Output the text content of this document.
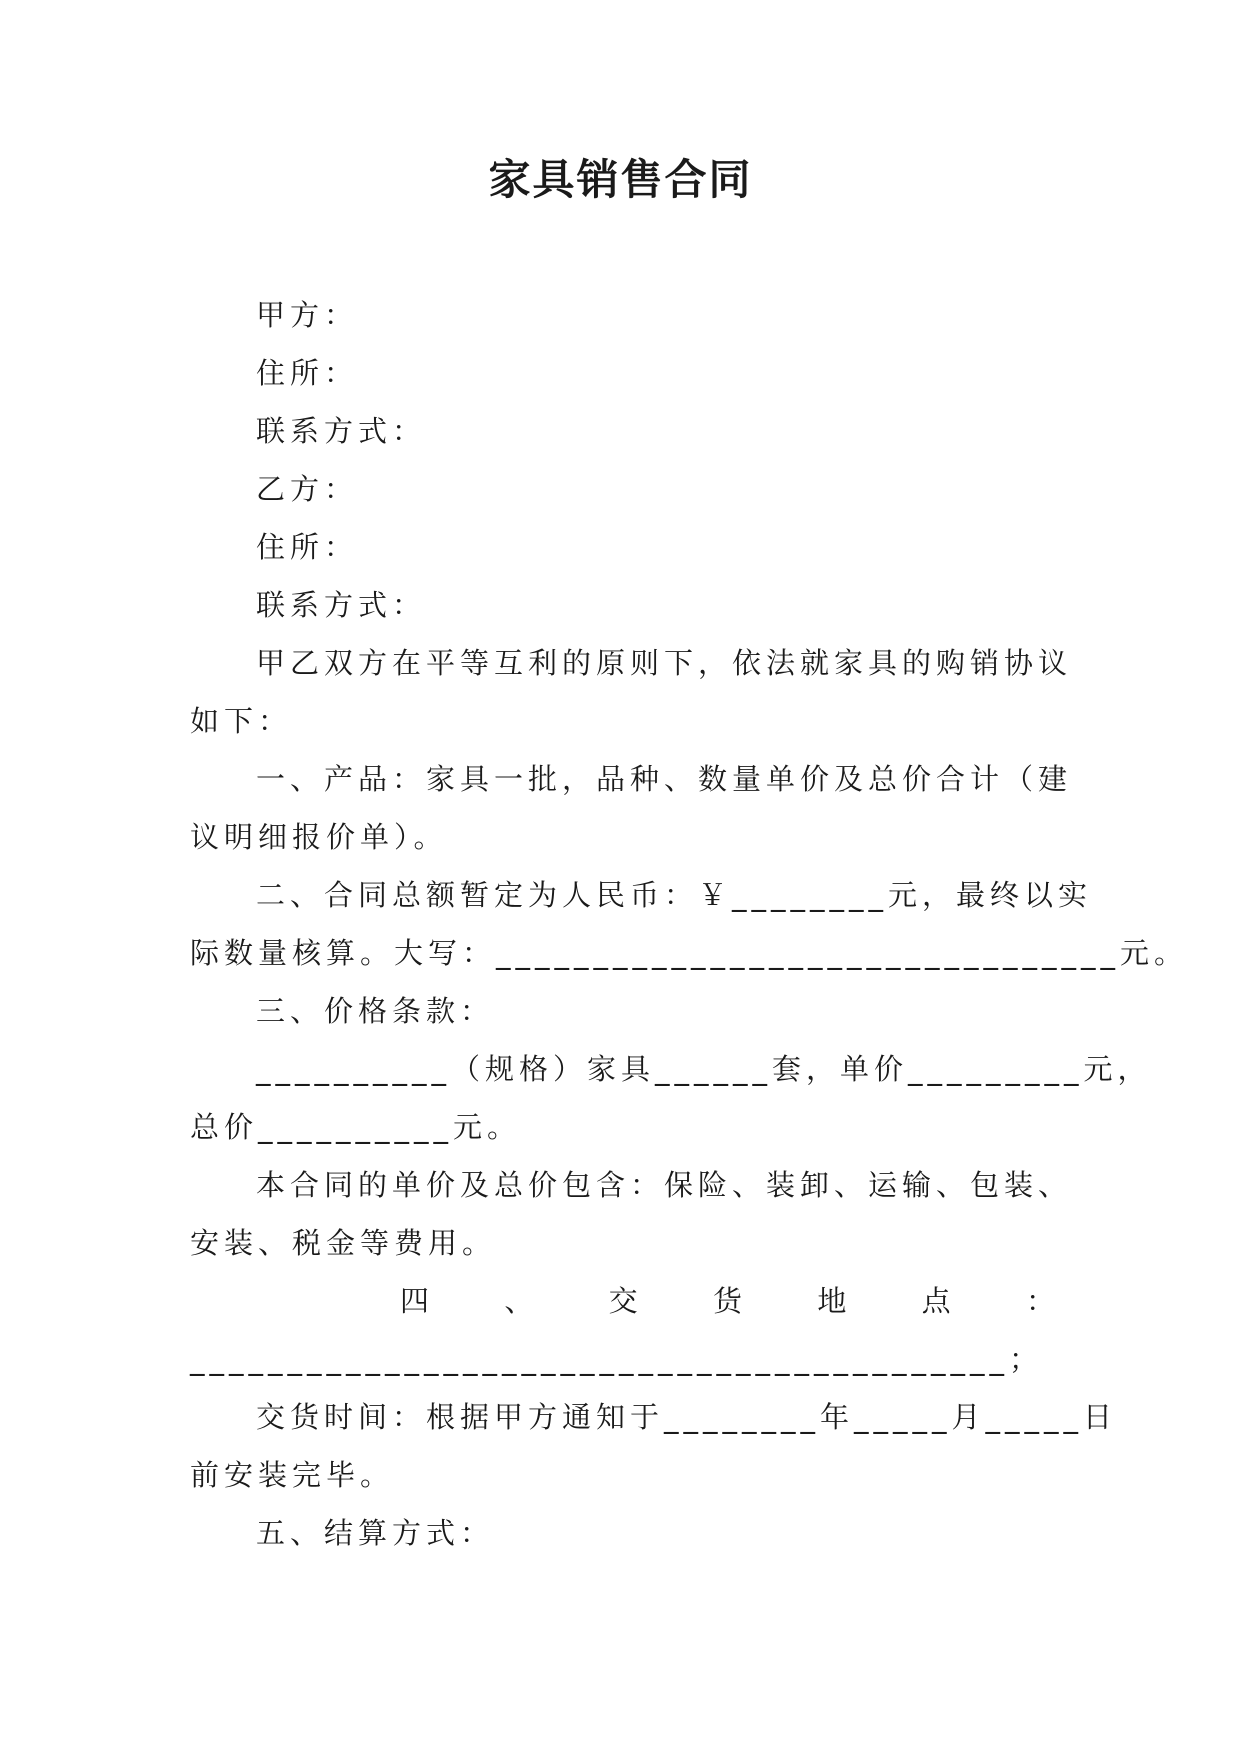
家具销售合同
甲方：
住所：
联系方式：
乙方：
住所：
联系方式：
甲乙双方在平等互利的原则下，依法就家具的购销协议
如下：
一、产品：家具一批，品种、数量单价及总价合计（建
议明细报价单）。
二、合同总额暂定为人民币：￥________元，最终以实
际数量核算。大写：________________________________元。
三、价格条款：
__________（规格）家具______套，单价_________元，
总价__________元。
本合同的单价及总价包含：保险、装卸、运输、包装、
安装、税金等费用。
四 、 交 货 地 点 ：
__________________________________________；
交货时间：根据甲方通知于________年_____月_____日
前安装完毕。
五、结算方式：
